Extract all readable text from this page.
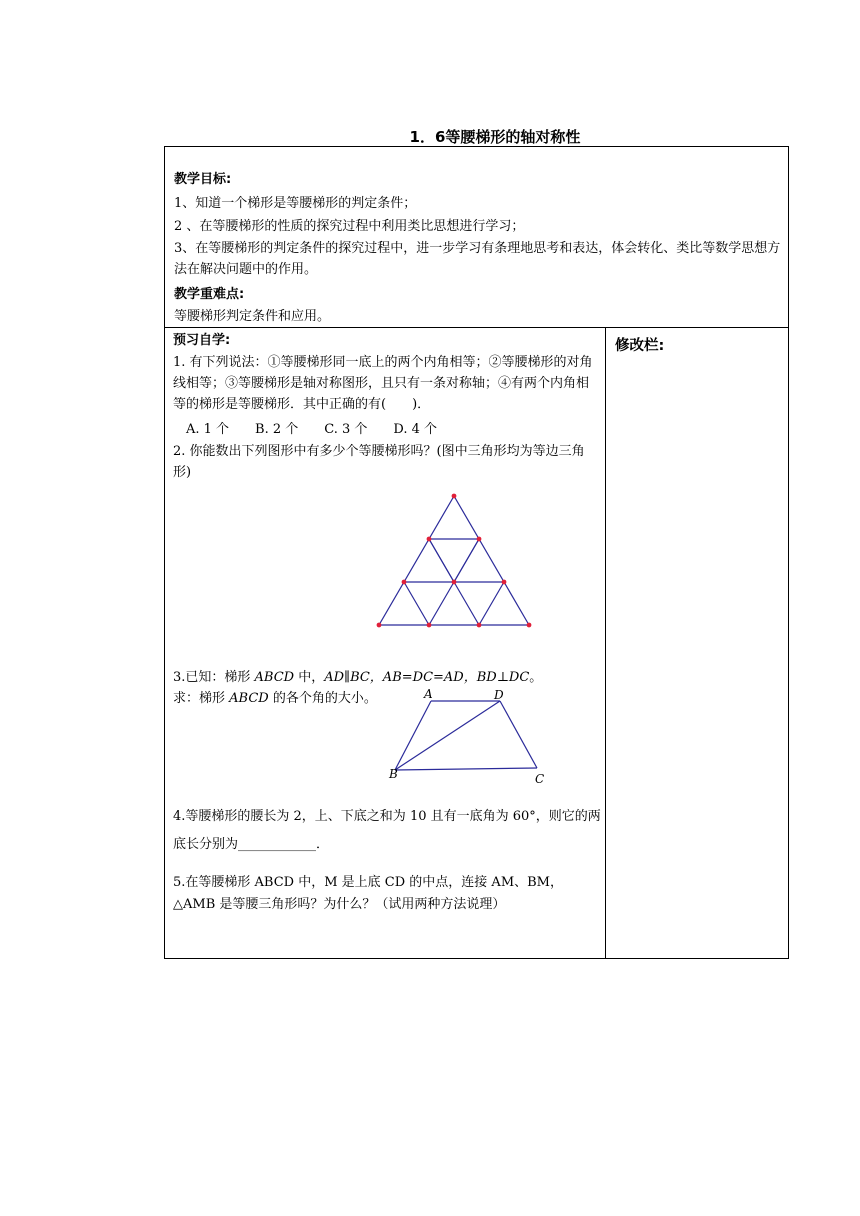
1．6等腰梯形的轴对称性
教学目标:
1、知道一个梯形是等腰梯形的判定条件；
2 、在等腰梯形的性质的探究过程中利用类比思想进行学习；
3、在等腰梯形的判定条件的探究过程中，进一步学习有条理地思考和表达，体会转化、类比等数学思想方法在解决问题中的作用。
教学重难点:
等腰梯形判定条件和应用。
预习自学:
1. 有下列说法：①等腰梯形同一底上的两个内角相等；②等腰梯形的对角线相等；③等腰梯形是轴对称图形，且只有一条对称轴；④有两个内角相等的梯形是等腰梯形．其中正确的有(　　)．
　A. 1 个　　B. 2 个　　C. 3 个　　D. 4 个
2. 你能数出下列图形中有多少个等腰梯形吗？(图中三角形均为等边三角形)
3.已知：梯形 ABCD 中，AD∥BC，AB=DC=AD，BD⊥DC。
求：梯形 ABCD 的各个角的大小。	A	D
B	C
4.等腰梯形的腰长为 2，上、下底之和为 10 且有一底角为 60°，则它的两底长分别为____________．
5.在等腰梯形 ABCD 中，M 是上底 CD 的中点，连接 AM、BM，△AMB 是等腰三角形吗？为什么？（试用两种方法说理）
修改栏:
